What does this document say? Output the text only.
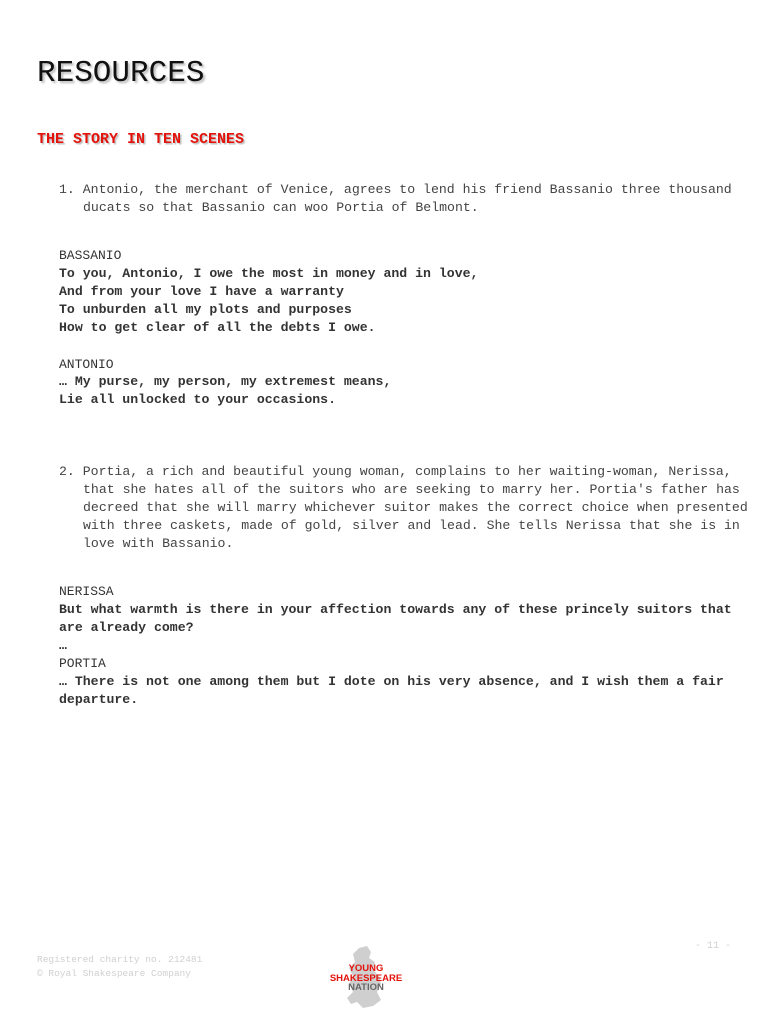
RESOURCES
THE STORY IN TEN SCENES

1. Antonio, the merchant of Venice, agrees to lend his friend Bassanio three thousand ducats so that Bassanio can woo Portia of Belmont.

BASSANIO
To you, Antonio, I owe the most in money and in love,
And from your love I have a warranty
To unburden all my plots and purposes
How to get clear of all the debts I owe.
ANTONIO
… My purse, my person, my extremest means,
Lie all unlocked to your occasions.

2. Portia, a rich and beautiful young woman, complains to her waiting-woman, Nerissa, that she hates all of the suitors who are seeking to marry her. Portia's father has decreed that she will marry whichever suitor makes the correct choice when presented with three caskets, made of gold, silver and lead. She tells Nerissa that she is in love with Bassanio.

NERISSA
But what warmth is there in your affection towards any of these princely suitors that are already come?
…
PORTIA
… There is not one among them but I dote on his very absence, and I wish them a fair departure.
Registered charity no. 212481
© Royal Shakespeare Company
- 11 -
YOUNG
SHAKESPEARE
NATION
